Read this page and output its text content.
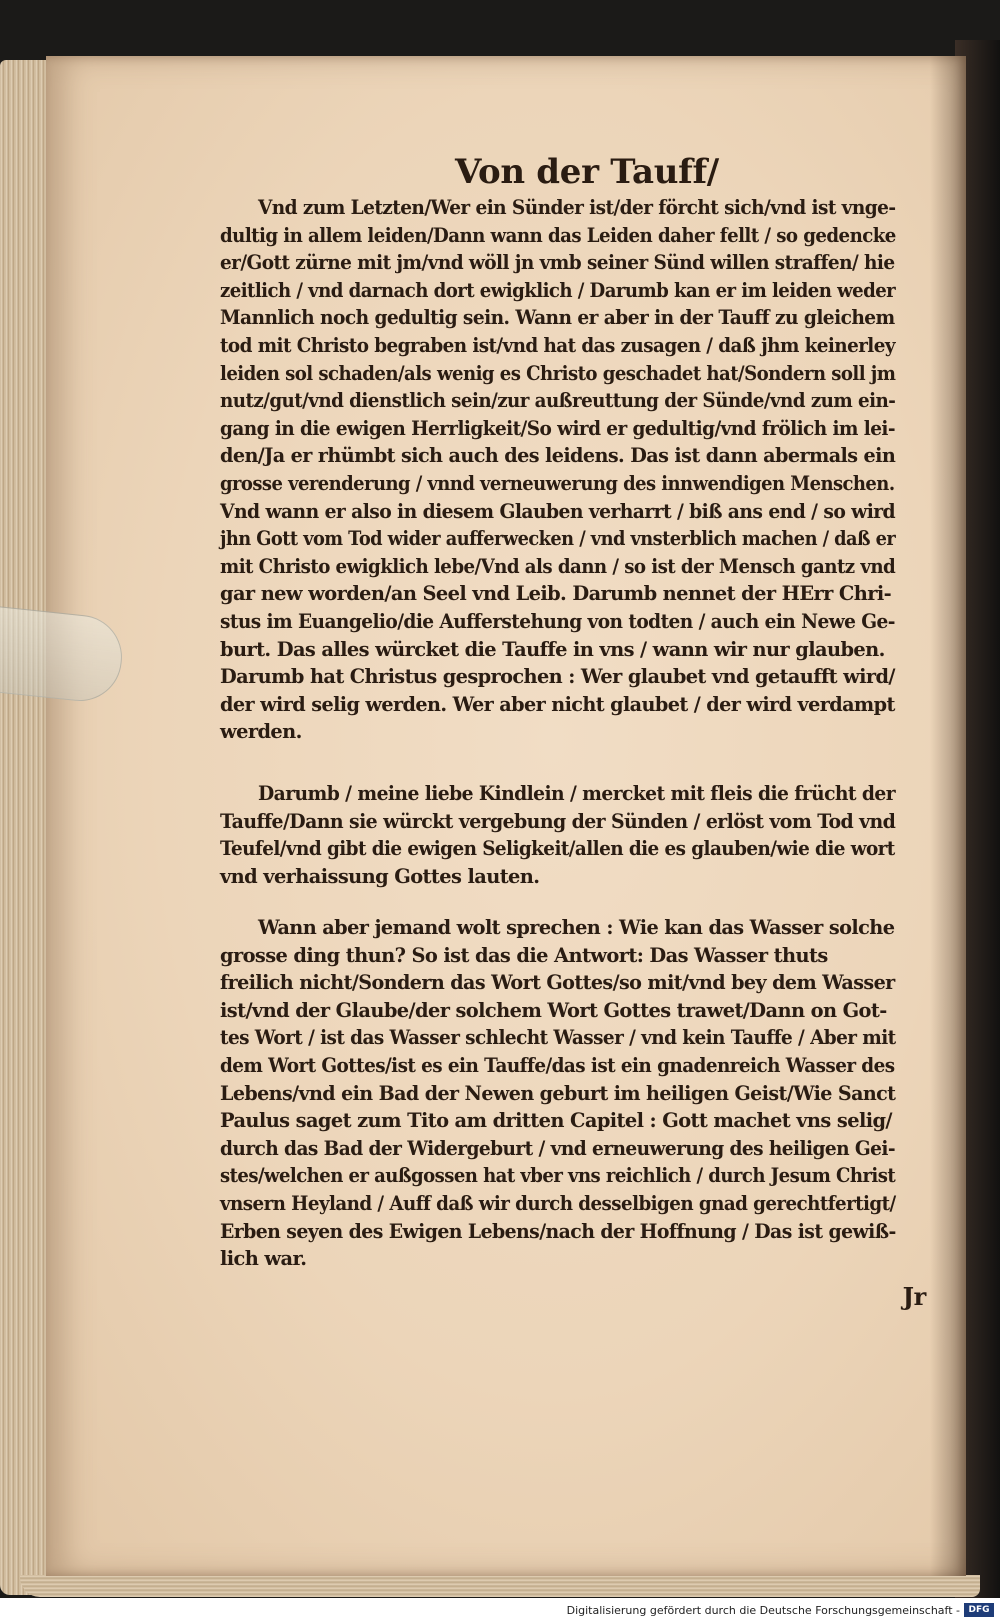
Von der Tauff/
Vnd zum Letzten/Wer ein Sünder ist/der förcht sich/vnd ist vnge-
dultig in allem leiden/Dann wann das Leiden daher fellt / so gedencke
er/Gott zürne mit jm/vnd wöll jn vmb seiner Sünd willen straffen/ hie
zeitlich / vnd darnach dort ewigklich / Darumb kan er im leiden weder
Mannlich noch gedultig sein. Wann er aber in der Tauff zu gleichem
tod mit Christo begraben ist/vnd hat das zusagen / daß jhm keinerley
leiden sol schaden/als wenig es Christo geschadet hat/Sondern soll jm
nutz/gut/vnd dienstlich sein/zur außreuttung der Sünde/vnd zum ein-
gang in die ewigen Herrligkeit/So wird er gedultig/vnd frölich im lei-
den/Ja er rhümbt sich auch des leidens. Das ist dann abermals ein
grosse verenderung / vnnd verneuwerung des innwendigen Menschen.
Vnd wann er also in diesem Glauben verharrt / biß ans end / so wird
jhn Gott vom Tod wider aufferwecken / vnd vnsterblich machen / daß er
mit Christo ewigklich lebe/Vnd als dann / so ist der Mensch gantz vnd
gar new worden/an Seel vnd Leib. Darumb nennet der HErr Chri-
stus im Euangelio/die Aufferstehung von todten / auch ein Newe Ge-
burt. Das alles würcket die Tauffe in vns / wann wir nur glauben.
Darumb hat Christus gesprochen : Wer glaubet vnd getaufft wird/
der wird selig werden. Wer aber nicht glaubet / der wird verdampt
werden.
Darumb / meine liebe Kindlein / mercket mit fleis die frücht der
Tauffe/Dann sie würckt vergebung der Sünden / erlöst vom Tod vnd
Teufel/vnd gibt die ewigen Seligkeit/allen die es glauben/wie die wort
vnd verhaissung Gottes lauten.
Wann aber jemand wolt sprechen : Wie kan das Wasser solche
grosse ding thun? So ist das die Antwort: Das Wasser thuts
freilich nicht/Sondern das Wort Gottes/so mit/vnd bey dem Wasser
ist/vnd der Glaube/der solchem Wort Gottes trawet/Dann on Got-
tes Wort / ist das Wasser schlecht Wasser / vnd kein Tauffe / Aber mit
dem Wort Gottes/ist es ein Tauffe/das ist ein gnadenreich Wasser des
Lebens/vnd ein Bad der Newen geburt im heiligen Geist/Wie Sanct
Paulus saget zum Tito am dritten Capitel : Gott machet vns selig/
durch das Bad der Widergeburt / vnd erneuwerung des heiligen Gei-
stes/welchen er außgossen hat vber vns reichlich / durch Jesum Christ
vnsern Heyland / Auff daß wir durch desselbigen gnad gerechtfertigt/
Erben seyen des Ewigen Lebens/nach der Hoffnung / Das ist gewiß-
lich war.
Jr
Digitalisierung gefördert durch die Deutsche Forschungsgemeinschaft - DFG
